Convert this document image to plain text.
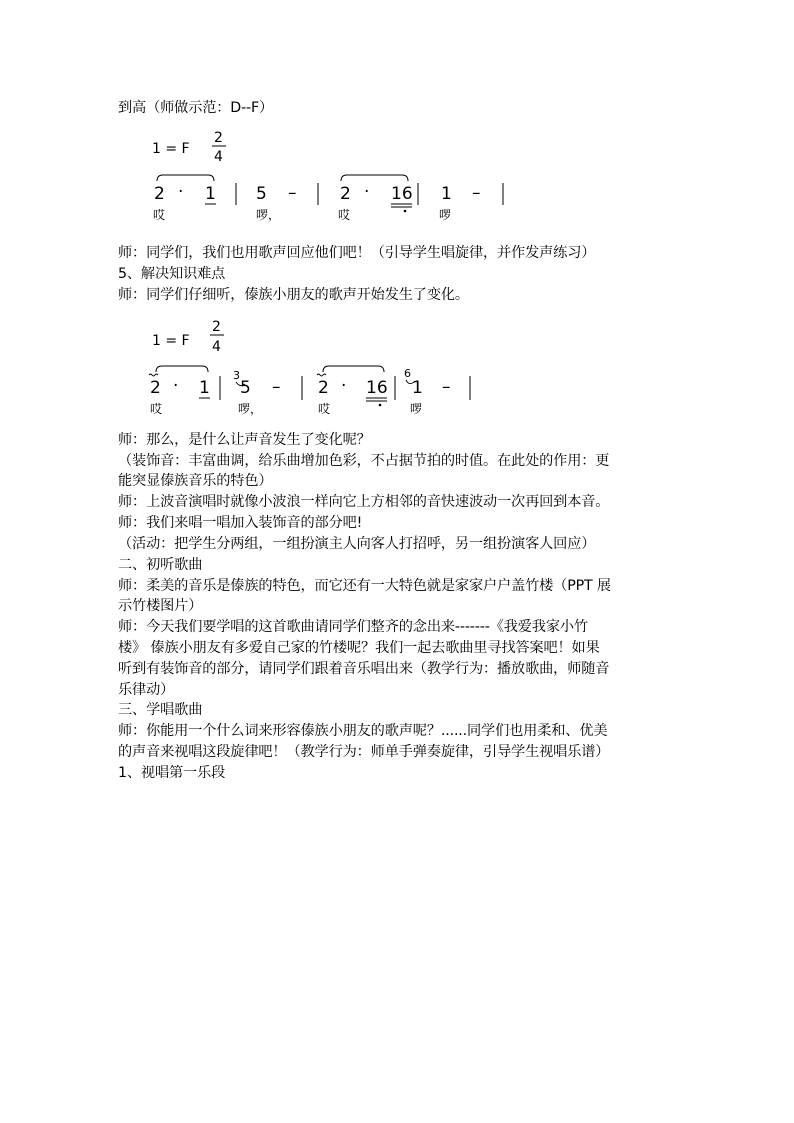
到高（师做示范：D--F）
1 = F
2
4
2 · 1 5 –	2 · 16 1 –
哎	啰，	哎	啰
师：同学们，我们也用歌声回应他们吧！（引导学生唱旋律，并作发声练习）
5、解决知识难点
师：同学们仔细听，傣族小朋友的歌声开始发生了变化。
1 = F
2
4
2 · 1
3
5 – 2 · 16
6
1 –
哎	啰，	哎	啰
师：那么，是什么让声音发生了变化呢？
（装饰音：丰富曲调，给乐曲增加色彩，不占据节拍的时值。在此处的作用：更
能突显傣族音乐的特色）
师：上波音演唱时就像小波浪一样向它上方相邻的音快速波动一次再回到本音。
师：我们来唱一唱加入装饰音的部分吧!
（活动：把学生分两组，一组扮演主人向客人打招呼，另一组扮演客人回应）
二、初听歌曲
师：柔美的音乐是傣族的特色，而它还有一大特色就是家家户户盖竹楼（PPT 展
示竹楼图片）
师：今天我们要学唱的这首歌曲请同学们整齐的念出来-------《我爱我家小竹
楼》 傣族小朋友有多爱自己家的竹楼呢？我们一起去歌曲里寻找答案吧！如果
听到有装饰音的部分，请同学们跟着音乐唱出来（教学行为：播放歌曲，师随音
乐律动）
三、学唱歌曲
师：你能用一个什么词来形容傣族小朋友的歌声呢？......同学们也用柔和、优美
的声音来视唱这段旋律吧！（教学行为：师单手弹奏旋律，引导学生视唱乐谱）
1、视唱第一乐段
